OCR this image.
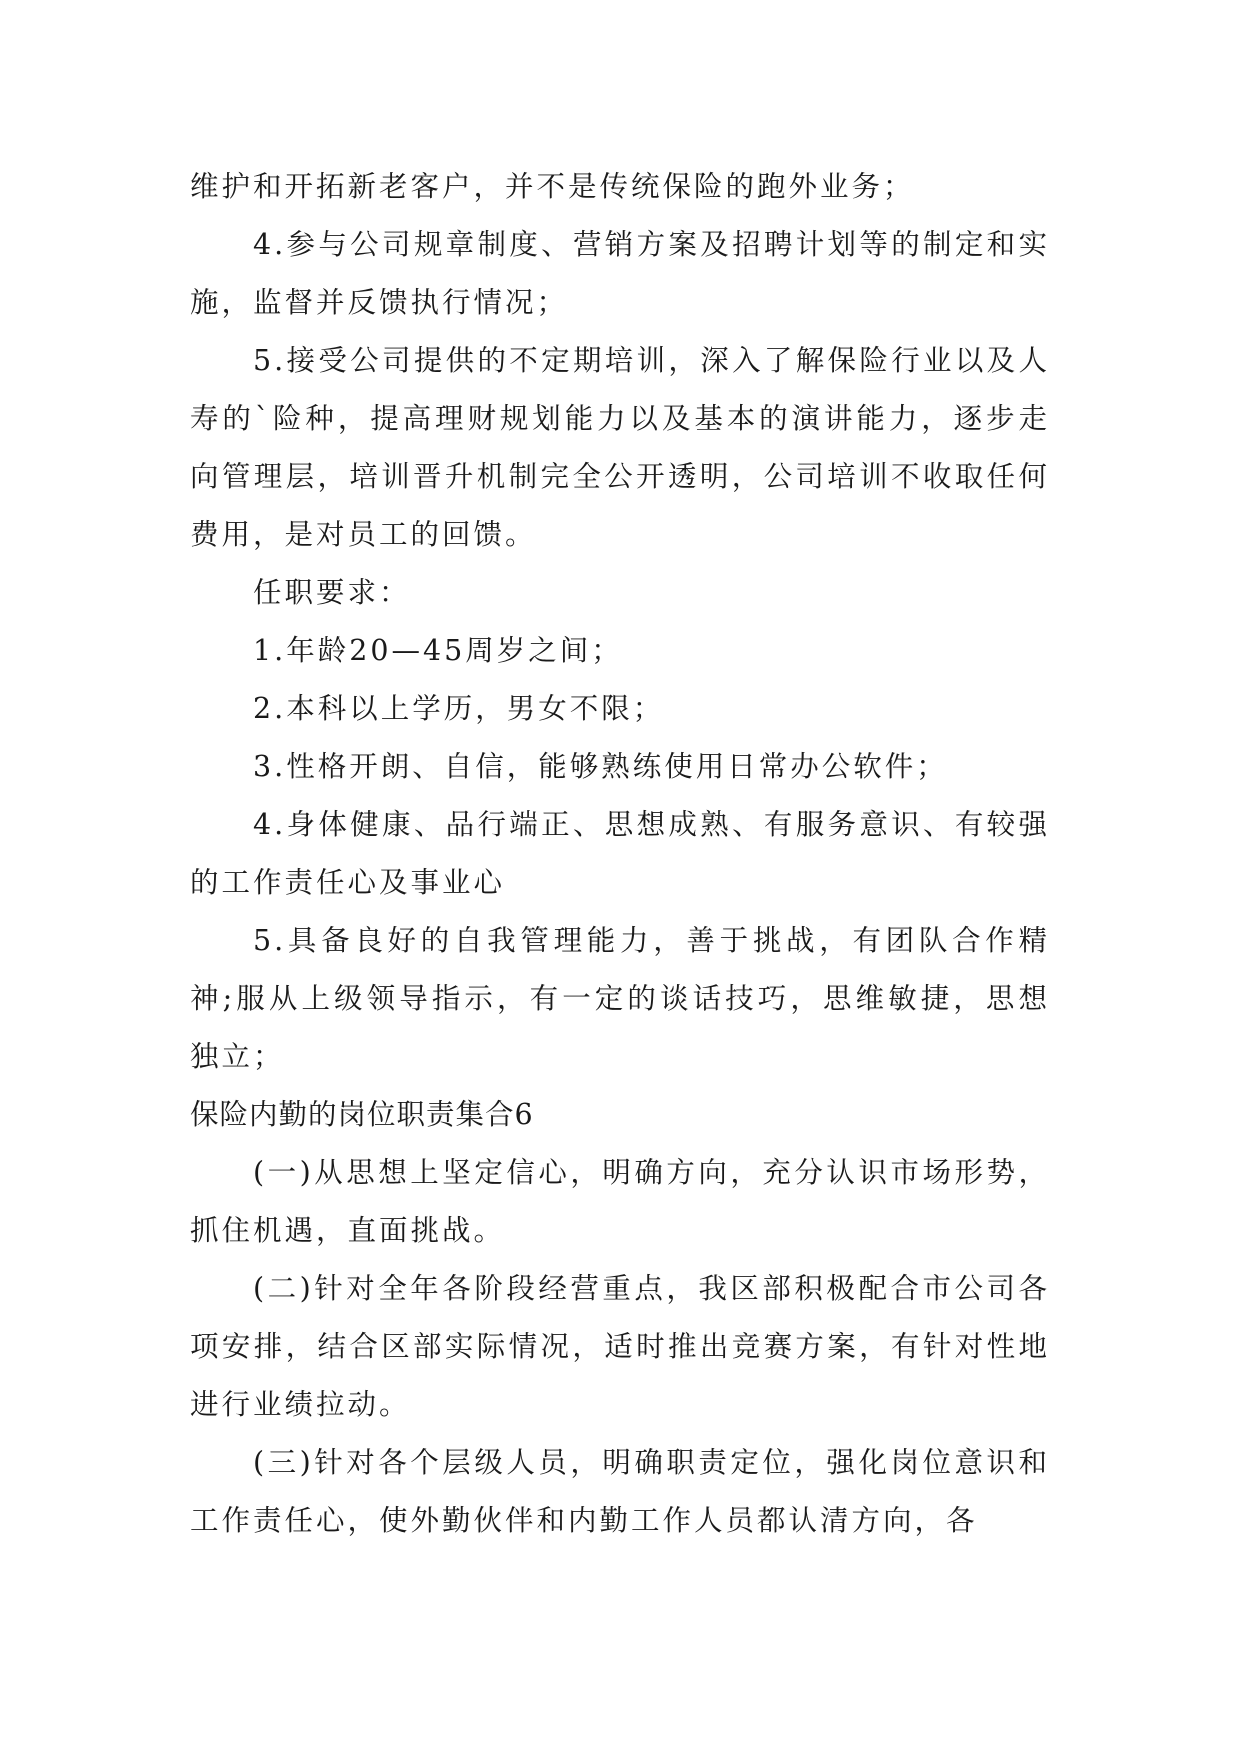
维护和开拓新老客户，并不是传统保险的跑外业务；

4.参与公司规章制度、营销方案及招聘计划等的制定和实施，监督并反馈执行情况；

5.接受公司提供的不定期培训，深入了解保险行业以及人寿的`险种，提高理财规划能力以及基本的演讲能力，逐步走向管理层，培训晋升机制完全公开透明，公司培训不收取任何费用，是对员工的回馈。

任职要求：

1.年龄20—45周岁之间；

2.本科以上学历，男女不限；

3.性格开朗、自信，能够熟练使用日常办公软件；

4.身体健康、品行端正、思想成熟、有服务意识、有较强的工作责任心及事业心

5.具备良好的自我管理能力，善于挑战，有团队合作精神;服从上级领导指示，有一定的谈话技巧，思维敏捷，思想独立；

保险内勤的岗位职责集合6

(一)从思想上坚定信心，明确方向，充分认识市场形势，抓住机遇，直面挑战。

(二)针对全年各阶段经营重点，我区部积极配合市公司各项安排，结合区部实际情况，适时推出竞赛方案，有针对性地进行业绩拉动。

(三)针对各个层级人员，明确职责定位，强化岗位意识和工作责任心，使外勤伙伴和内勤工作人员都认清方向，各
